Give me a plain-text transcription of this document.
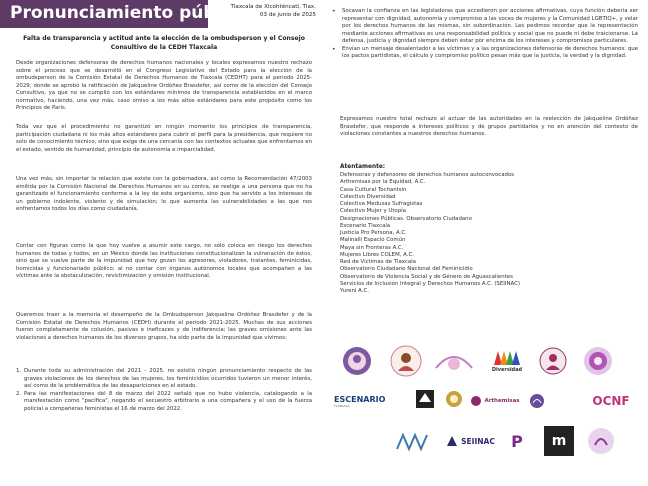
Pronunciamiento público
Tlaxcala de Xicohténcatl, Tlax.
03 de junio de 2025
Falta de transparencia y actitud ante la elección de la ombudsperson y el Consejo
Consultivo de la CEDH Tlaxcala

Desde organizaciones defensoras de derechos humanos nacionales y locales expresamos nuestro rechazo sobre el proceso que se desarrolló en el Congreso Legislativo del Estado para la elección de la ombudsperson de la Comisión Estatal de Derechos Humanos de Tlaxcala (CEDHT) para el periodo 2025-2029, donde se aprobó la ratificación de Jakqueline Ordóñez Brasdefer, así como de la elección del Consejo Consultivo, ya que no se cumplió con los estándares mínimos de transparencia establecidos en el marco normativo, haciendo, una vez más, caso omiso a los más altos estándares para este propósito como los Principios de París.

Toda vez que el procedimiento no garantizó en ningún momento los principios de transparencia, participación ciudadana ni los más altos estándares para cubrir el perfil para la presidencia, que requiere no solo de conocimiento técnico, sino que exige de una cercanía con las contextos actuales que enfrentamos en el estado, sentido de humanidad, principio de autonomía e imparcialidad.

Una vez más, sin importar la relación que existe con la gobernadora, así como la Recomendación 47/2003 emitida por la Comisión Nacional de Derechos Humanos en su contra, se reelige a una persona que no ha garantizado el funcionamiento conforme a la ley de este organismo, sino que ha servido a los intereses de un gobierno indolente, violento y de simulación; lo que aumenta las vulnerabilidades a las que nos enfrentamos todos los días como ciudadanía.

Contar con figuras como la que hoy vuelve a asumir este cargo, no sólo coloca en riesgo los derechos humanos de todas y todos, en un México donde las instituciones constitucionalizan la vulneración de éstos, sino que se vuelve parte de la impunidad que hoy gozan los agresores, violadores, tratantes, feminicidas, homicidas y funcionariado público; al no contar con órganos autónomos locales que acompañen a las víctimas ante la obstaculización, revictimización y omisión institucional.

Queremos traer a la memoria el desempeño de la Ombudsperson Jakqueline Ordóñez Brasdefer y de la Comisión Estatal de Derechos Humanos (CEDH) durante el periodo 2021-2025. Muchas de sus acciones fueron completamente de colusión, pasivas e ineficaces y de indiferencia; las graves omisiones ante las violaciones a derechos humanos de los diversos grupos, ha sido parte de la impunidad que vivimos:

1. Durante toda su administración del 2021 - 2025, no existió ningún pronunciamiento respecto de las graves violaciones de los derechos de las mujeres, los feminicidios ocurridos tuvieron un menor interés, así como de la problemática de las desapariciones en el estado.
2. Para las manifestaciones del 8 de marzo del 2022 señaló que no hubo violencia, catalogando a la manifestación como "pacífica", negando el secuestro arbitrario a una compañera y el uso de la fuerza policial a compañeras feministas el 16 de marzo del 2022.
•	Socavan la confianza en las legisladoras que accedieron por acciones afirmativas, cuya función debería ser representar con dignidad, autonomía y compromiso a las voces de mujeres y la Comunidad LGBTIQ+, y velar por los derechos humanos de las mismas, sin subordinación. Les pedimos recordar que la representación mediante acciones afirmativas es una responsabilidad política y social que no puede ni debe traicionarse. La defensa, justicia y dignidad siempre deben estar por encima de los intereses y compromisos particulares.
•	Envían un mensaje desalentador a las víctimas y a las organizaciones defensoras de derechos humanos: que los pactos partidistas, el cálculo y compromiso político pesan más que la justicia, la verdad y la dignidad.

Expresamos nuestro total rechazo al actuar de las autoridades en la reelección de Jakqueline Ordóñez Brasdefer, que responde a intereses políticos y de grupos partidarios y no en atención del contexto de violaciones constantes a nuestros derechos humanos.

Atentamente:
Defensoras y defensores de derechos humanos autoconvocados
Arthemisas por la Equidad, A.C.
Casa Cultural Tochantsin
Colectivo Diversidad
Colectiva Medusas Sufragistas
Colectivo Mujer y Utopía
Designaciones Públicas. Observatorio Ciudadano
Escenario Tlaxcala
Justicia Pro Persona, A.C.
Malinalli Espacio Común
Maya sin Fronteras A.C.
Mujeres Libres COLEM, A.C.
Red de Víctimas de Tlaxcala
Observatorio Ciudadano Nacional del Feminicidio
Observatorio de Violencia Social y de Género de Aguascalientes
Servicios de Inclusión Integral y Derechos Humanos A.C. (SEIINAC)
Yureni A.C.
Diversidad
ESCENARIO
TLAXCALA
Arthemisas	OCNF
SEIINAC P m
